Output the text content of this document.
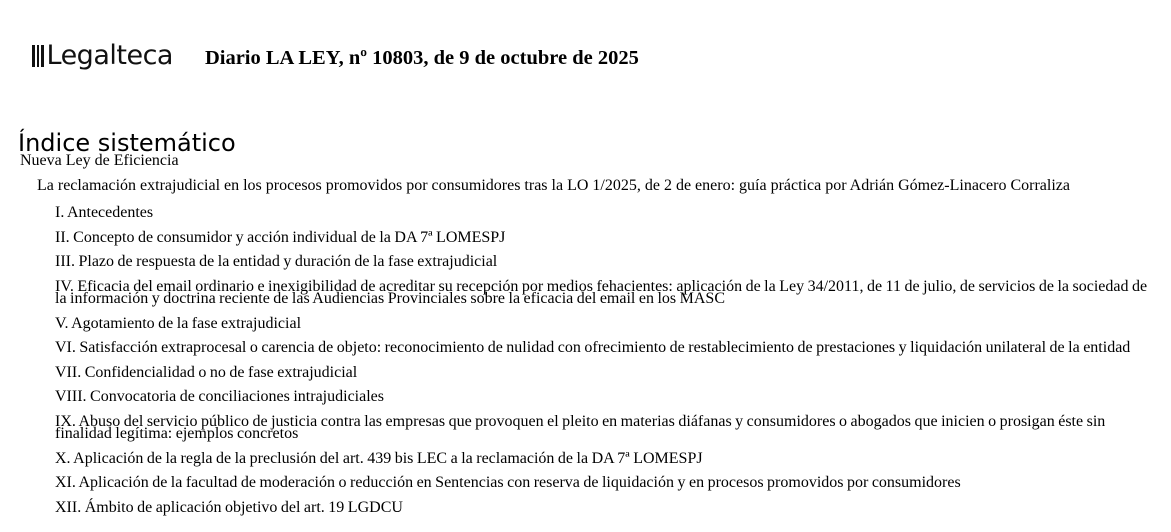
Legalteca Diario LA LEY, nº 10803, de 9 de octubre de 2025
Índice sistemático
Nueva Ley de Eficiencia
La reclamación extrajudicial en los procesos promovidos por consumidores tras la LO 1/2025, de 2 de enero: guía práctica por Adrián Gómez-Linacero Corraliza
I. Antecedentes
II. Concepto de consumidor y acción individual de la DA 7ª LOMESPJ
III. Plazo de respuesta de la entidad y duración de la fase extrajudicial
IV. Eficacia del email ordinario e inexigibilidad de acreditar su recepción por medios fehacientes: aplicación de la Ley 34/2011, de 11 de julio, de servicios de la sociedad de la información y doctrina reciente de las Audiencias Provinciales sobre la eficacia del email en los MASC
V. Agotamiento de la fase extrajudicial
VI. Satisfacción extraprocesal o carencia de objeto: reconocimiento de nulidad con ofrecimiento de restablecimiento de prestaciones y liquidación unilateral de la entidad
VII. Confidencialidad o no de fase extrajudicial
VIII. Convocatoria de conciliaciones intrajudiciales
IX. Abuso del servicio público de justicia contra las empresas que provoquen el pleito en materias diáfanas y consumidores o abogados que inicien o prosigan éste sin finalidad legítima: ejemplos concretos
X. Aplicación de la regla de la preclusión del art. 439 bis LEC a la reclamación de la DA 7ª LOMESPJ
XI. Aplicación de la facultad de moderación o reducción en Sentencias con reserva de liquidación y en procesos promovidos por consumidores
XII. Ámbito de aplicación objetivo del art. 19 LGDCU
